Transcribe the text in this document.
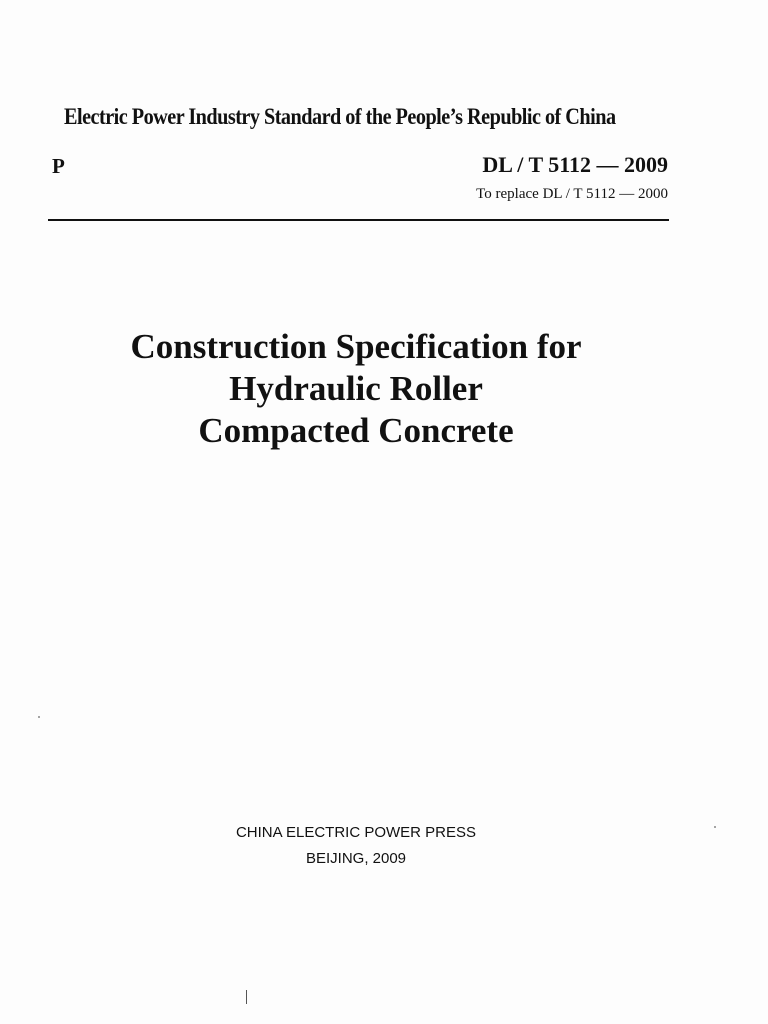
Electric Power Industry Standard of the People’s Republic of China
P	DL / T 5112 — 2009
To replace DL / T 5112 — 2000
Construction Specification for
Hydraulic Roller
Compacted Concrete
CHINA ELECTRIC POWER PRESS
BEIJING, 2009
